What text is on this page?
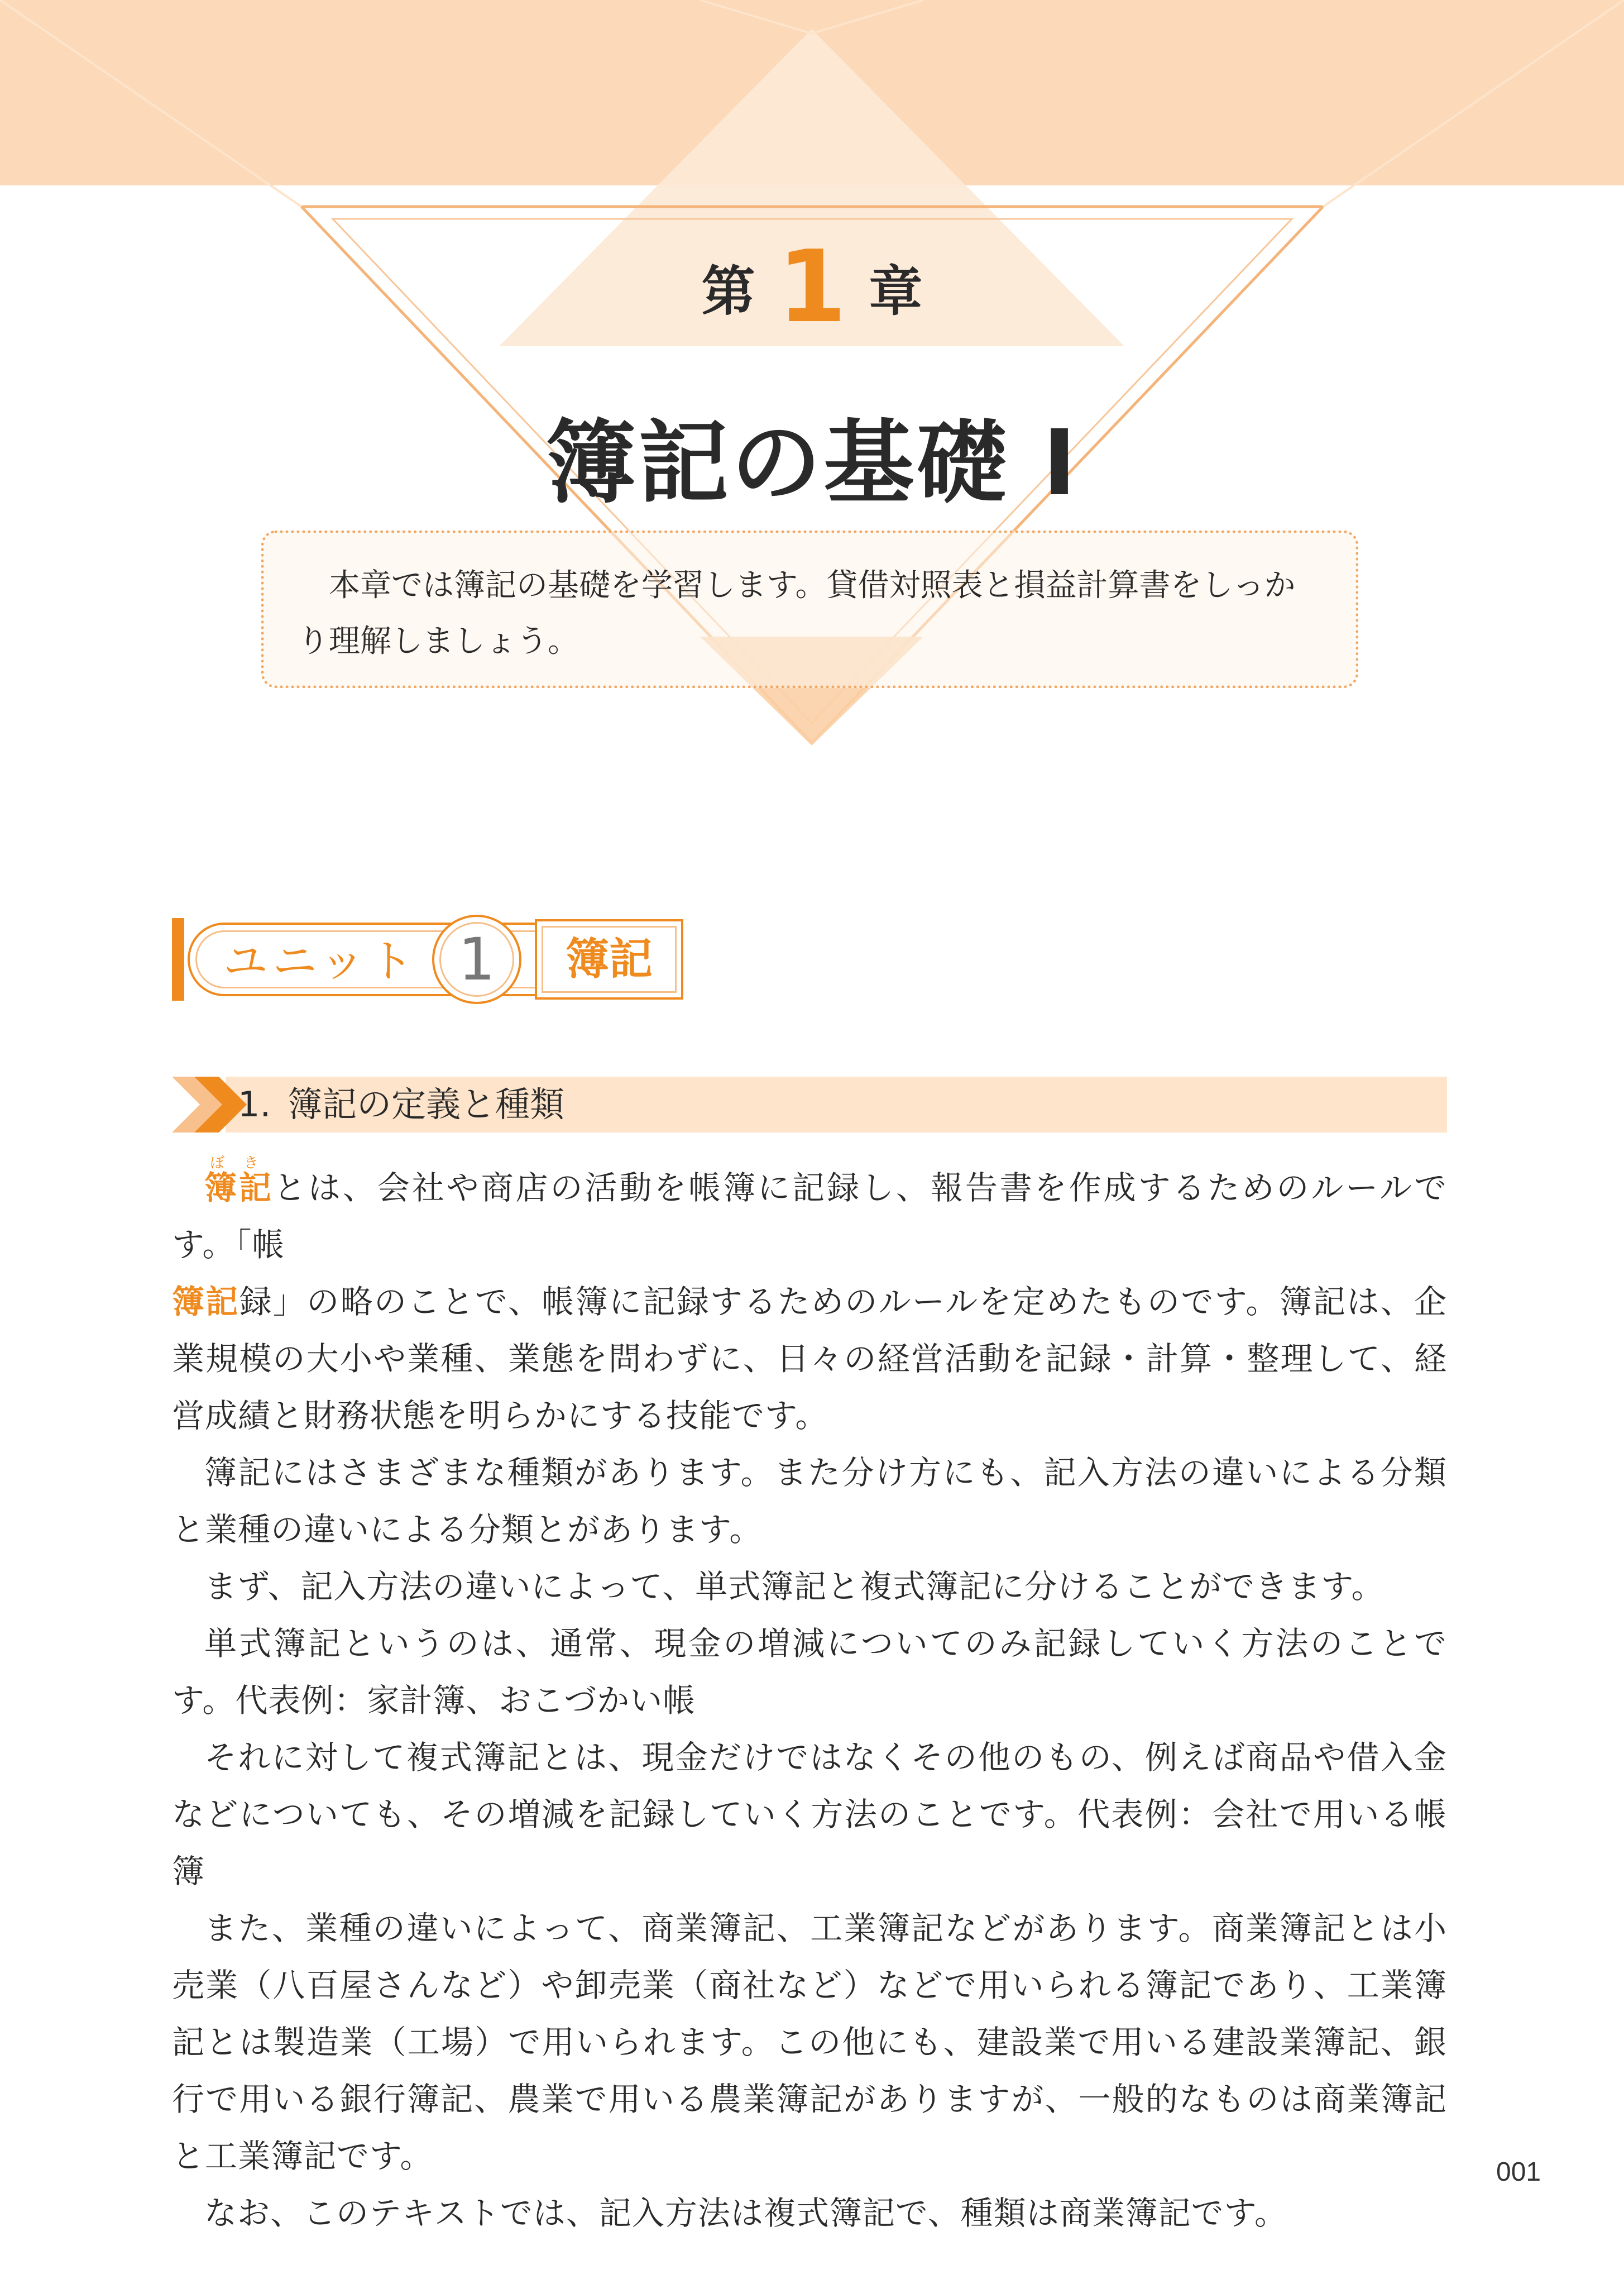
第 1 章
簿記の基礎 Ⅰ

本章では簿記の基礎を学習します。貸借対照表と損益計算書をしっかり理解しましょう。

ユニット 1	簿記
1. 簿記の定義と種類

簿記ぼきとは、会社や商店の活動を帳簿に記録し、報告書を作成するためのルールです。「帳
簿記録」の略のことで、帳簿に記録するためのルールを定めたものです。簿記は、企業規模の大小や業種、業態を問わずに、日々の経営活動を記録・計算・整理して、経営成績と財務状態を明らかにする技能です。

簿記にはさまざまな種類があります。また分け方にも、記入方法の違いによる分類と業種の違いによる分類とがあります。

まず、記入方法の違いによって、単式簿記と複式簿記に分けることができます。

単式簿記というのは、通常、現金の増減についてのみ記録していく方法のことです。代表例：家計簿、おこづかい帳

それに対して複式簿記とは、現金だけではなくその他のもの、例えば商品や借入金などについても、その増減を記録していく方法のことです。代表例：会社で用いる帳簿

また、業種の違いによって、商業簿記、工業簿記などがあります。商業簿記とは小売業（八百屋さんなど）や卸売業（商社など）などで用いられる簿記であり、工業簿記とは製造業（工場）で用いられます。この他にも、建設業で用いる建設業簿記、銀行で用いる銀行簿記、農業で用いる農業簿記がありますが、一般的なものは商業簿記と工業簿記です。

なお、このテキストでは、記入方法は複式簿記で、種類は商業簿記です。

001
